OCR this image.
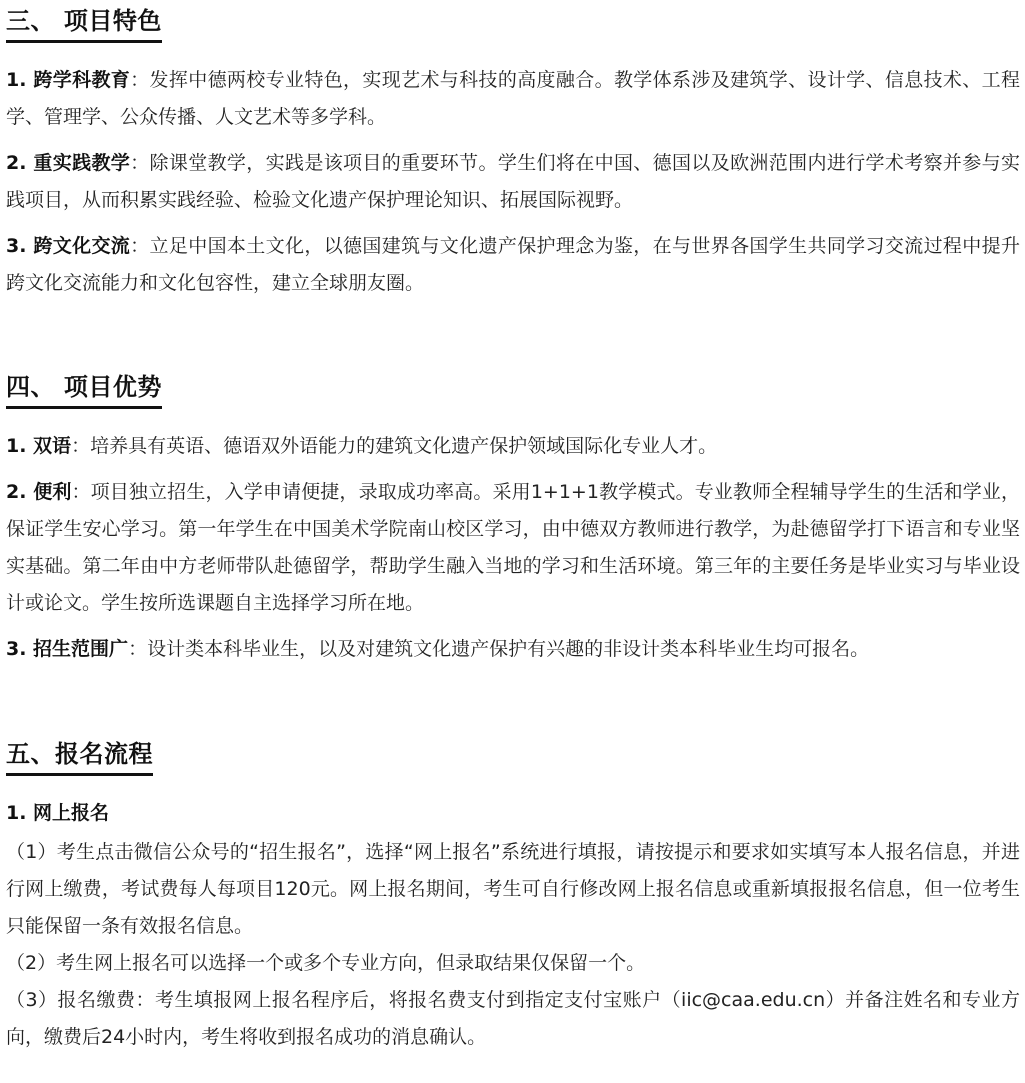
三、 项目特色

1. 跨学科教育：发挥中德两校专业特色，实现艺术与科技的高度融合。教学体系涉及建筑学、设计学、信息技术、工程学、管理学、公众传播、人文艺术等多学科。

2. 重实践教学：除课堂教学，实践是该项目的重要环节。学生们将在中国、德国以及欧洲范围内进行学术考察并参与实践项目，从而积累实践经验、检验文化遗产保护理论知识、拓展国际视野。

3. 跨文化交流：立足中国本土文化，以德国建筑与文化遗产保护理念为鉴，在与世界各国学生共同学习交流过程中提升跨文化交流能力和文化包容性，建立全球朋友圈。

四、 项目优势

1. 双语：培养具有英语、德语双外语能力的建筑文化遗产保护领域国际化专业人才。

2. 便利：项目独立招生，入学申请便捷，录取成功率高。采用1+1+1教学模式。专业教师全程辅导学生的生活和学业，保证学生安心学习。第一年学生在中国美术学院南山校区学习，由中德双方教师进行教学，为赴德留学打下语言和专业坚实基础。第二年由中方老师带队赴德留学，帮助学生融入当地的学习和生活环境。第三年的主要任务是毕业实习与毕业设计或论文。学生按所选课题自主选择学习所在地。

3. 招生范围广：设计类本科毕业生，以及对建筑文化遗产保护有兴趣的非设计类本科毕业生均可报名。

五、报名流程

1. 网上报名

（1）考生点击微信公众号的“招生报名”，选择“网上报名”系统进行填报，请按提示和要求如实填写本人报名信息，并进行网上缴费，考试费每人每项目120元。网上报名期间，考生可自行修改网上报名信息或重新填报报名信息，但一位考生只能保留一条有效报名信息。

（2）考生网上报名可以选择一个或多个专业方向，但录取结果仅保留一个。

（3）报名缴费：考生填报网上报名程序后，将报名费支付到指定支付宝账户（iic@caa.edu.cn）并备注姓名和专业方向，缴费后24小时内，考生将收到报名成功的消息确认。
